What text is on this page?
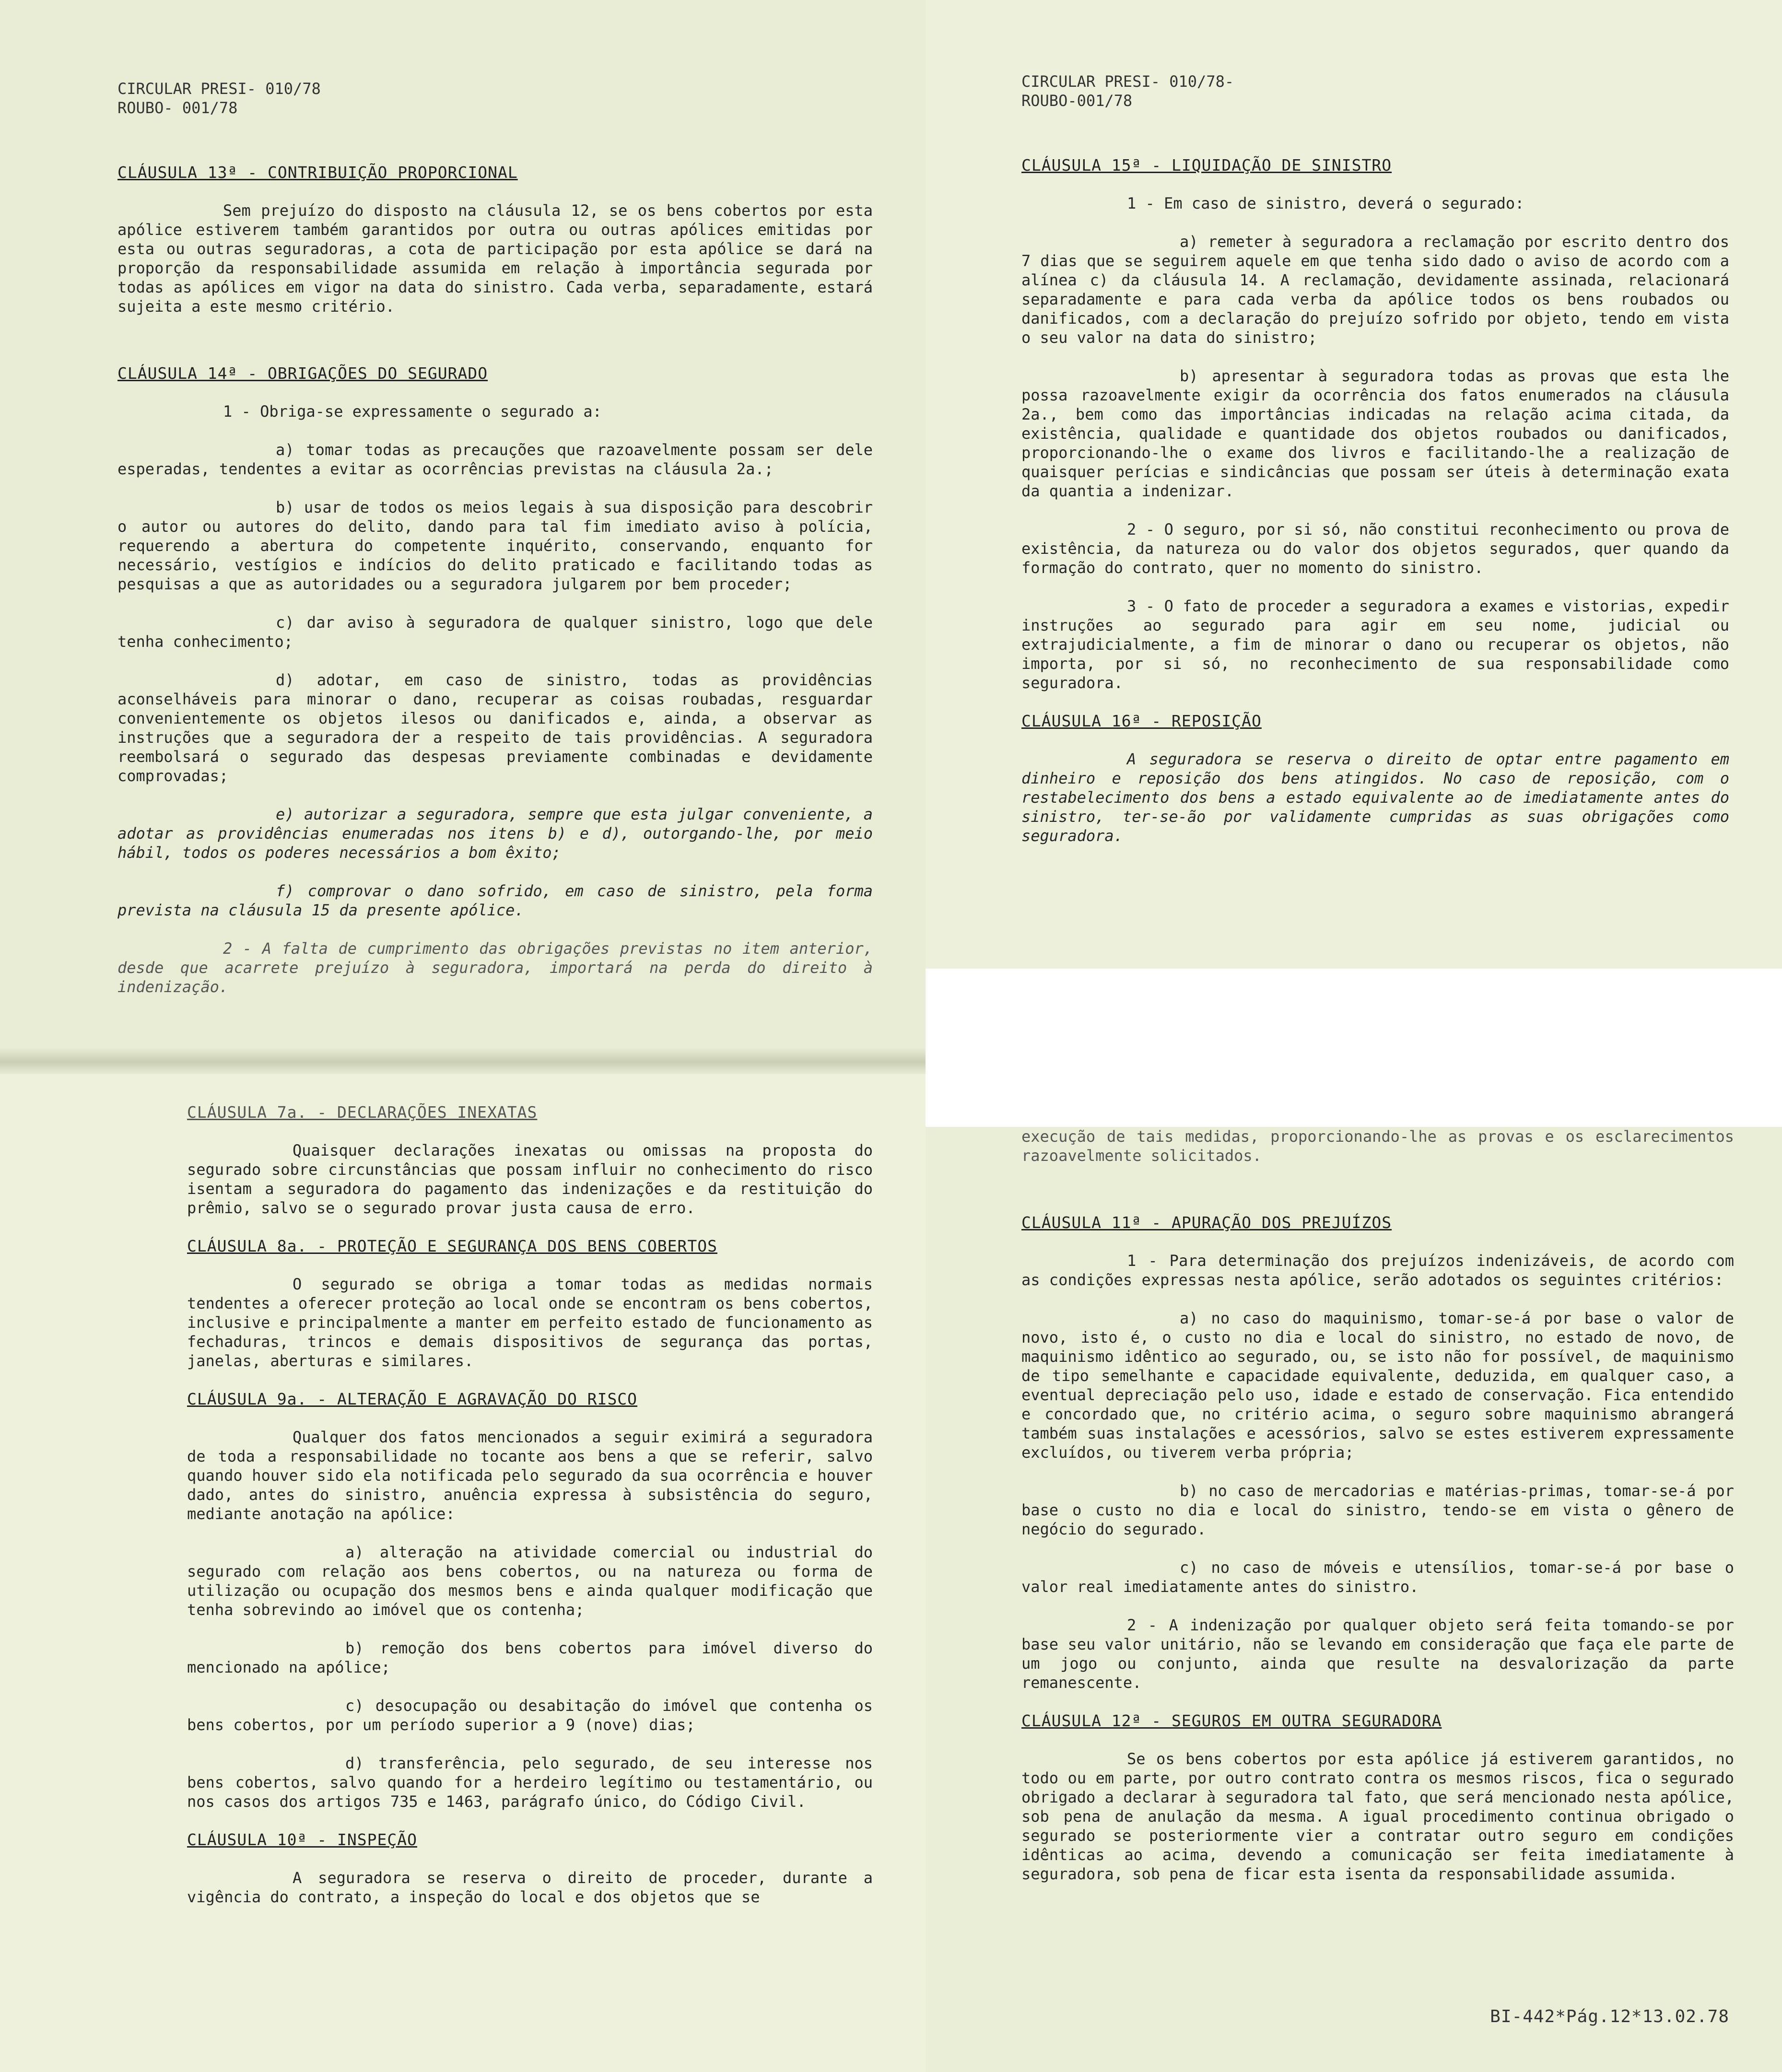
CIRCULAR PRESI- 010/78
ROUBO- 001/78
CLÁUSULA 13ª - CONTRIBUIÇÃO PROPORCIONAL

Sem prejuízo do disposto na cláusula 12, se os bens cobertos por esta apólice estiverem também garantidos por outra ou outras apólices emitidas por esta ou outras seguradoras, a cota de participação por esta apólice se dará na proporção da responsabilidade assumida em relação à importância segurada por todas as apólices em vigor na data do sinistro. Cada verba, separadamente, estará sujeita a este mesmo critério.

CLÁUSULA 14ª - OBRIGAÇÕES DO SEGURADO

1 - Obriga-se expressamente o segurado a:

a) tomar todas as precauções que razoavelmente possam ser dele esperadas, tendentes a evitar as ocorrências previstas na cláusula 2a.;

b) usar de todos os meios legais à sua disposição para descobrir o autor ou autores do delito, dando para tal fim imediato aviso à polícia, requerendo a abertura do competente inquérito, conservando, enquanto for necessário, vestígios e indícios do delito praticado e facilitando todas as pesquisas a que as autoridades ou a seguradora julgarem por bem proceder;

c) dar aviso à seguradora de qualquer sinistro, logo que dele tenha conhecimento;

d) adotar, em caso de sinistro, todas as providências aconselháveis para minorar o dano, recuperar as coisas roubadas, resguardar convenientemente os objetos ilesos ou danificados e, ainda, a observar as instruções que a seguradora der a respeito de tais providências. A seguradora reembolsará o segurado das despesas previamente combinadas e devidamente comprovadas;

e) autorizar a seguradora, sempre que esta julgar conveniente, a adotar as providências enumeradas nos itens b) e d), outorgando-lhe, por meio hábil, todos os poderes necessários a bom êxito;

f) comprovar o dano sofrido, em caso de sinistro, pela forma prevista na cláusula 15 da presente apólice.

2 - A falta de cumprimento das obrigações previstas no item anterior, desde que acarrete prejuízo à seguradora, importará na perda do direito à indenização.

CIRCULAR PRESI- 010/78-
ROUBO-001/78
CLÁUSULA 15ª - LIQUIDAÇÃO DE SINISTRO

1 - Em caso de sinistro, deverá o segurado:

a) remeter à seguradora a reclamação por escrito dentro dos 7 dias que se seguirem aquele em que tenha sido dado o aviso de acordo com a alínea c) da cláusula 14. A reclamação, devidamente assinada, relacionará separadamente e para cada verba da apólice todos os bens roubados ou danificados, com a declaração do prejuízo sofrido por objeto, tendo em vista o seu valor na data do sinistro;

b) apresentar à seguradora todas as provas que esta lhe possa razoavelmente exigir da ocorrência dos fatos enumerados na cláusula 2a., bem como das importâncias indicadas na relação acima citada, da existência, qualidade e quantidade dos objetos roubados ou danificados, proporcionando-lhe o exame dos livros e facilitando-lhe a realização de quaisquer perícias e sindicâncias que possam ser úteis à determinação exata da quantia a indenizar.

2 - O seguro, por si só, não constitui reconhecimento ou prova de existência, da natureza ou do valor dos objetos segurados, quer quando da formação do contrato, quer no momento do sinistro.

3 - O fato de proceder a seguradora a exames e vistorias, expedir instruções ao segurado para agir em seu nome, judicial ou extrajudicialmente, a fim de minorar o dano ou recuperar os objetos, não importa, por si só, no reconhecimento de sua responsabilidade como seguradora.

CLÁUSULA 16ª - REPOSIÇÃO

A seguradora se reserva o direito de optar entre pagamento em dinheiro e reposição dos bens atingidos. No caso de reposição, com o restabelecimento dos bens a estado equivalente ao de imediatamente antes do sinistro, ter-se-ão por validamente cumpridas as suas obrigações como seguradora.

CLÁUSULA 7a. - DECLARAÇÕES INEXATAS

Quaisquer declarações inexatas ou omissas na proposta do segurado sobre circunstâncias que possam influir no conhecimento do risco isentam a seguradora do pagamento das indenizações e da restituição do prêmio, salvo se o segurado provar justa causa de erro.

CLÁUSULA 8a. - PROTEÇÃO E SEGURANÇA DOS BENS COBERTOS

O segurado se obriga a tomar todas as medidas normais tendentes a oferecer proteção ao local onde se encontram os bens cobertos, inclusive e principalmente a manter em perfeito estado de funcionamento as fechaduras, trincos e demais dispositivos de segurança das portas, janelas, aberturas e similares.

CLÁUSULA 9a. - ALTERAÇÃO E AGRAVAÇÃO DO RISCO

Qualquer dos fatos mencionados a seguir eximirá a seguradora de toda a responsabilidade no tocante aos bens a que se referir, salvo quando houver sido ela notificada pelo segurado da sua ocorrência e houver dado, antes do sinistro, anuência expressa à subsistência do seguro, mediante anotação na apólice:

a) alteração na atividade comercial ou industrial do segurado com relação aos bens cobertos, ou na natureza ou forma de utilização ou ocupação dos mesmos bens e ainda qualquer modificação que tenha sobrevindo ao imóvel que os contenha;

b) remoção dos bens cobertos para imóvel diverso do mencionado na apólice;

c) desocupação ou desabitação do imóvel que contenha os bens cobertos, por um período superior a 9 (nove) dias;

d) transferência, pelo segurado, de seu interesse nos bens cobertos, salvo quando for a herdeiro legítimo ou testamentário, ou nos casos dos artigos 735 e 1463, parágrafo único, do Código Civil.

CLÁUSULA 10ª - INSPEÇÃO

A seguradora se reserva o direito de proceder, durante a vigência do contrato, a inspeção do local e dos objetos que se

execução de tais medidas, proporcionando-lhe as provas e os esclarecimentos razoavelmente solicitados.

CLÁUSULA 11ª - APURAÇÃO DOS PREJUÍZOS

1 - Para determinação dos prejuízos indenizáveis, de acordo com as condições expressas nesta apólice, serão adotados os seguintes critérios:

a) no caso do maquinismo, tomar-se-á por base o valor de novo, isto é, o custo no dia e local do sinistro, no estado de novo, de maquinismo idêntico ao segurado, ou, se isto não for possível, de maquinismo de tipo semelhante e capacidade equivalente, deduzida, em qualquer caso, a eventual depreciação pelo uso, idade e estado de conservação. Fica entendido e concordado que, no critério acima, o seguro sobre maquinismo abrangerá também suas instalações e acessórios, salvo se estes estiverem expressamente excluídos, ou tiverem verba própria;

b) no caso de mercadorias e matérias-primas, tomar-se-á por base o custo no dia e local do sinistro, tendo-se em vista o gênero de negócio do segurado.

c) no caso de móveis e utensílios, tomar-se-á por base o valor real imediatamente antes do sinistro.

2 - A indenização por qualquer objeto será feita tomando-se por base seu valor unitário, não se levando em consideração que faça ele parte de um jogo ou conjunto, ainda que resulte na desvalorização da parte remanescente.

CLÁUSULA 12ª - SEGUROS EM OUTRA SEGURADORA

Se os bens cobertos por esta apólice já estiverem garantidos, no todo ou em parte, por outro contrato contra os mesmos riscos, fica o segurado obrigado a declarar à seguradora tal fato, que será mencionado nesta apólice, sob pena de anulação da mesma. A igual procedimento continua obrigado o segurado se posteriormente vier a contratar outro seguro em condições idênticas ao acima, devendo a comunicação ser feita imediatamente à seguradora, sob pena de ficar esta isenta da responsabilidade assumida.

BI-442*Pág.12*13.02.78
